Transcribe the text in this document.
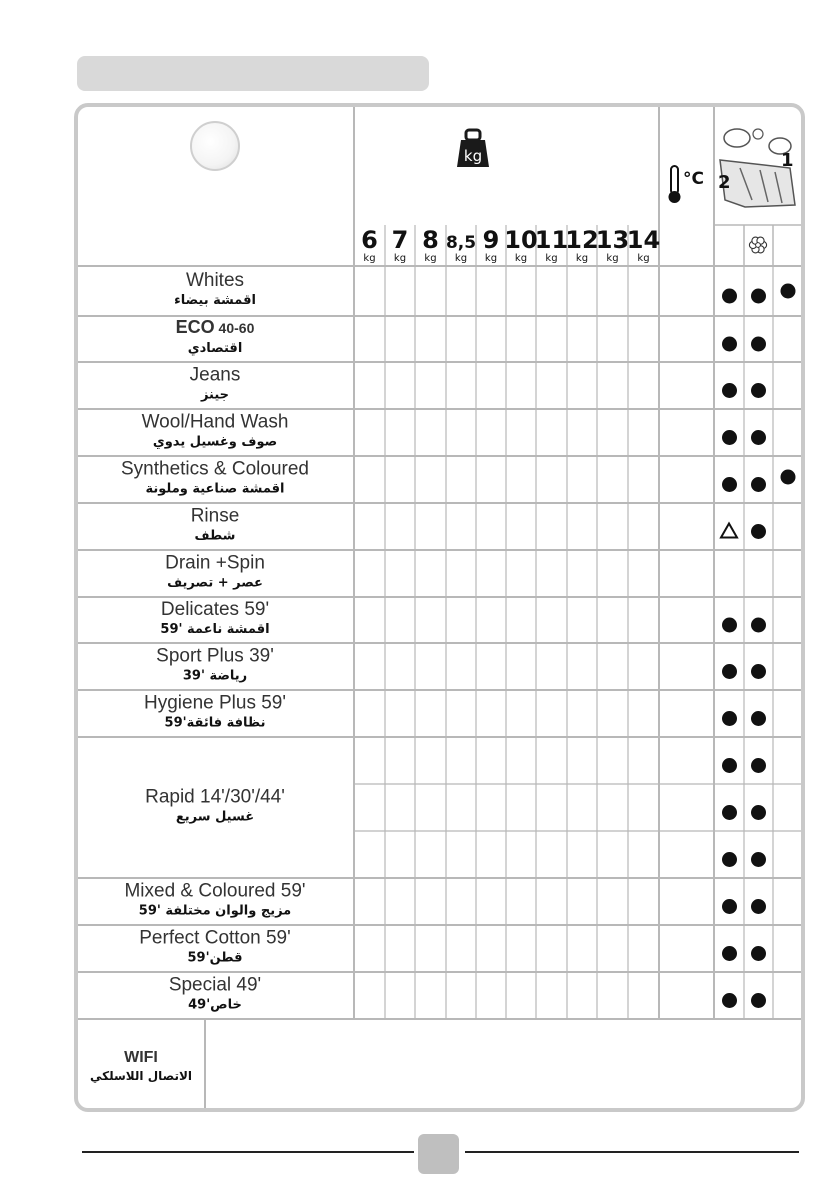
6
kg
7
kg
8
kg
8,5
kg
9
kg
10
kg
11
kg
12
kg
13
kg
14
kg
kg
°C
1
2
Whites
اقمشة بيضاء
ECO 40-60
اقتصادي
Jeans
جينز
Wool/Hand Wash
صوف وغسيل يدوي
Synthetics & Coloured
اقمشة صناعية وملونة
Rinse
شطف
Drain +Spin
عصر + تصريف
Delicates 59'
اقمشة ناعمة '59
Sport Plus 39'
رياضة '39
Hygiene Plus 59'
نظافة فائقة'59
Rapid 14'/30'/44'
غسيل سريع
Mixed & Coloured 59'
مزيج والوان مختلفة '59
Perfect Cotton 59'
قطن'59
Special 49'
خاص'49
WIFI
الاتصال اللاسلكي
